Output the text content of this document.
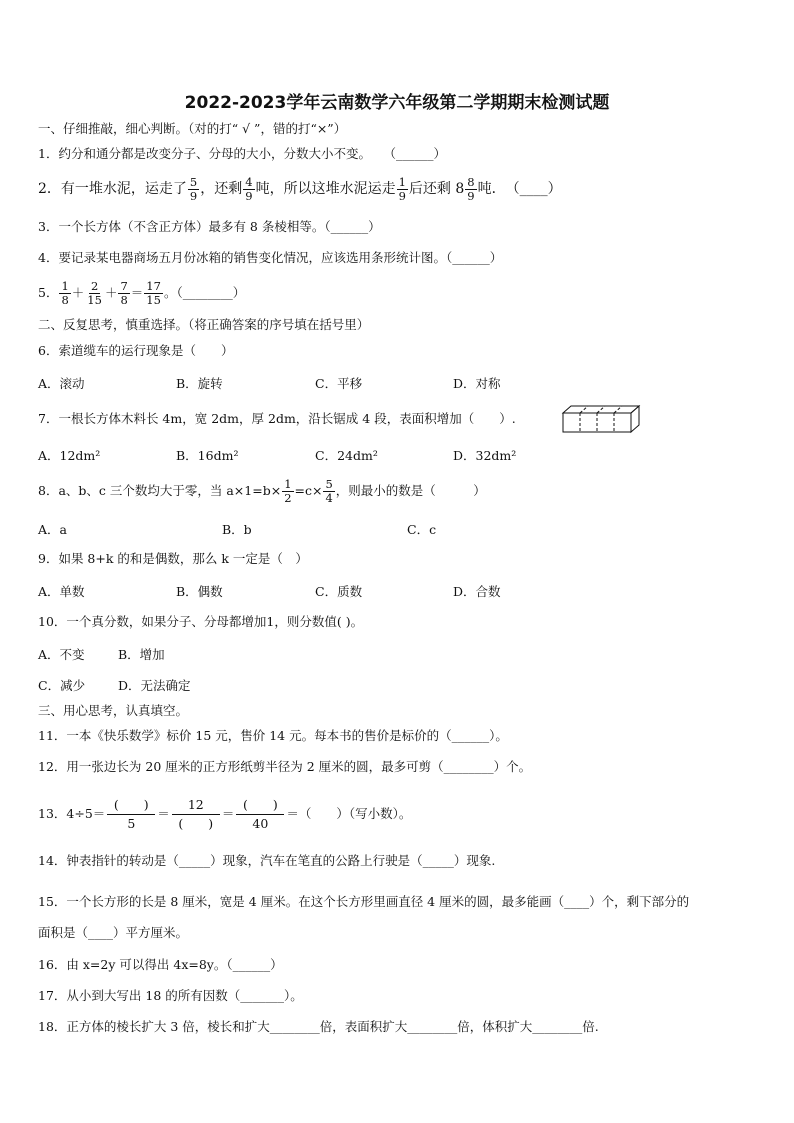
2022-2023学年云南数学六年级第二学期期末检测试题
一、仔细推敲，细心判断。（对的打“ √ ”，错的打“×”）
1．约分和通分都是改变分子、分母的大小，分数大小不变。　　（______）
2．有一堆水泥，运走了 $\frac{5}{9}$ ，还剩 $\frac{4}{9}$ 吨，所以这堆水泥运走 $\frac{1}{9}$ 后还剩 $8 \frac{8}{9}$ 吨．　（____）
3．一个长方体（不含正方体）最多有 8 条棱相等。（______）
4．要记录某电器商场五月份冰箱的销售变化情况，应该选用条形统计图。（______）
5． $\frac{1}{8} + \frac{2}{15} + \frac{7}{8} = \frac{17}{15}$ 。（________）
二、反复思考，慎重选择。（将正确答案的序号填在括号里）
6．索道缆车的运行现象是（　　）
A．滚动	B．旋转	C．平移	D．对称
7．一根长方体木料长 4m，宽 2dm，厚 2dm，沿长锯成 4 段，表面积增加（　　）.
A．12dm²	B．16dm²	C．24dm²	D．32dm²
8．a、b、c 三个数均大于零，当 $a\times 1=b\times \frac{1}{2} =c\times \frac{5}{4}$ ，则最小的数是（　　　）
A．a	B．b	C．c
9．如果 8+k 的和是偶数，那么 k 一定是（　）
A．单数	B．偶数	C．质数	D．合数
10．一个真分数，如果分子、分母都增加1，则分数值( )。
A．不变	B．增加
C．减少	D．无法确定
三、用心思考，认真填空。
11．一本《快乐数学》标价 15 元，售价 14 元。每本书的售价是标价的（______）。
12．用一张边长为 20 厘米的正方形纸剪半径为 2 厘米的圆，最多可剪（________）个。
13．$4\div 5= \frac{( )}{5} = \frac{12}{( )} = \frac{( )}{40}$ ＝（　　）（写小数）。
14．钟表指针的转动是（_____）现象，汽车在笔直的公路上行驶是（_____）现象.
15．一个长方形的长是 8 厘米，宽是 4 厘米。在这个长方形里画直径 4 厘米的圆，最多能画（____）个，剩下部分的
面积是（____）平方厘米。
16．由 x=2y 可以得出 4x=8y。（______）
17．从小到大写出 18 的所有因数（_______）。
18．正方体的棱长扩大 3 倍，棱长和扩大________倍，表面积扩大________倍，体积扩大________倍.
